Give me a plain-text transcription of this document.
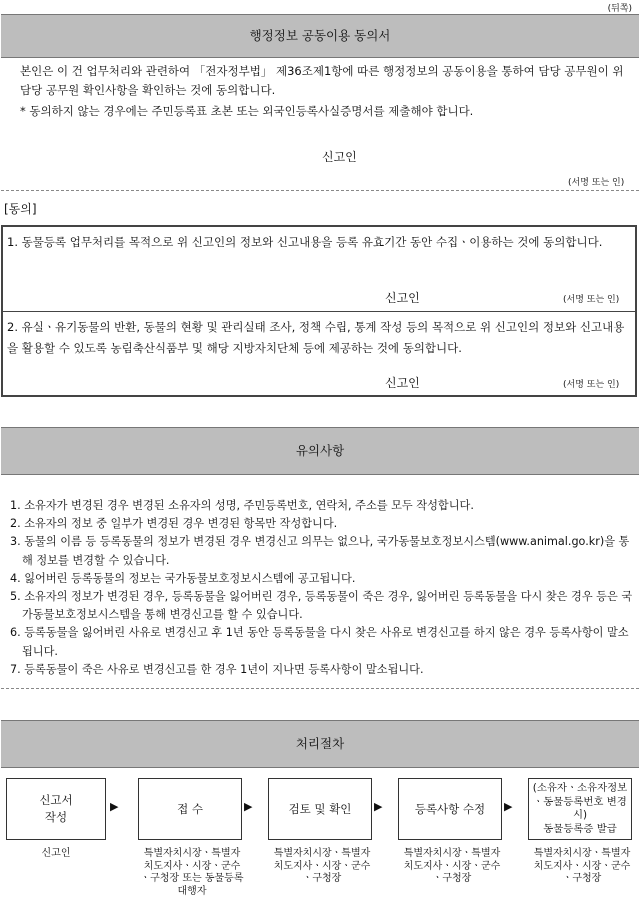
(뒤쪽)
행정정보 공동이용 동의서
본인은 이 건 업무처리와 관련하여 「전자정부법」 제36조제1항에 따른 행정정보의 공동이용을 통하여 담당 공무원이 위 담당 공무원 확인사항을 확인하는 것에 동의합니다.
* 동의하지 않는 경우에는 주민등록표 초본 또는 외국인등록사실증명서를 제출해야 합니다.
신고인
(서명 또는 인)
[동의]
1. 동물등록 업무처리를 목적으로 위 신고인의 정보와 신고내용을 등록 유효기간 동안 수집ㆍ이용하는 것에 동의합니다.
신고인	(서명 또는 인)
2. 유실ㆍ유기동물의 반환, 동물의 현황 및 관리실태 조사, 정책 수립, 통계 작성 등의 목적으로 위 신고인의 정보와 신고내용을 활용할 수 있도록 농림축산식품부 및 해당 지방자치단체 등에 제공하는 것에 동의합니다.
신고인	(서명 또는 인)
유의사항
1. 소유자가 변경된 경우 변경된 소유자의 성명, 주민등록번호, 연락처, 주소를 모두 작성합니다.
2. 소유자의 정보 중 일부가 변경된 경우 변경된 항목만 작성합니다.
3. 동물의 이름 등 등록동물의 정보가 변경된 경우 변경신고 의무는 없으나, 국가동물보호정보시스템(www.animal.go.kr)을 통해 정보를 변경할 수 있습니다.
4. 잃어버린 등록동물의 정보는 국가동물보호정보시스템에 공고됩니다.
5. 소유자의 정보가 변경된 경우, 등록동물을 잃어버린 경우, 등록동물이 죽은 경우, 잃어버린 등록동물을 다시 찾은 경우 등은 국가동물보호정보시스템을 통해 변경신고를 할 수 있습니다.
6. 등록동물을 잃어버린 사유로 변경신고 후 1년 동안 등록동물을 다시 찾은 사유로 변경신고를 하지 않은 경우 등록사항이 말소됩니다.
7. 등록동물이 죽은 사유로 변경신고를 한 경우 1년이 지나면 등록사항이 말소됩니다.
처리절차
신고서
작성
▶	접 수	▶	검토 및 확인	▶	등록사항 수정	▶
(소유자ㆍ소유자정보ㆍ동물등록번호 변경 시)
동물등록증 발급
신고인	특별자치시장ㆍ특별자치도지사ㆍ시장ㆍ군수ㆍ구청장 또는 동물등록대행자
특별자치시장ㆍ특별자치도지사ㆍ시장ㆍ군수ㆍ구청장
특별자치시장ㆍ특별자치도지사ㆍ시장ㆍ군수ㆍ구청장
특별자치시장ㆍ특별자치도지사ㆍ시장ㆍ군수ㆍ구청장
